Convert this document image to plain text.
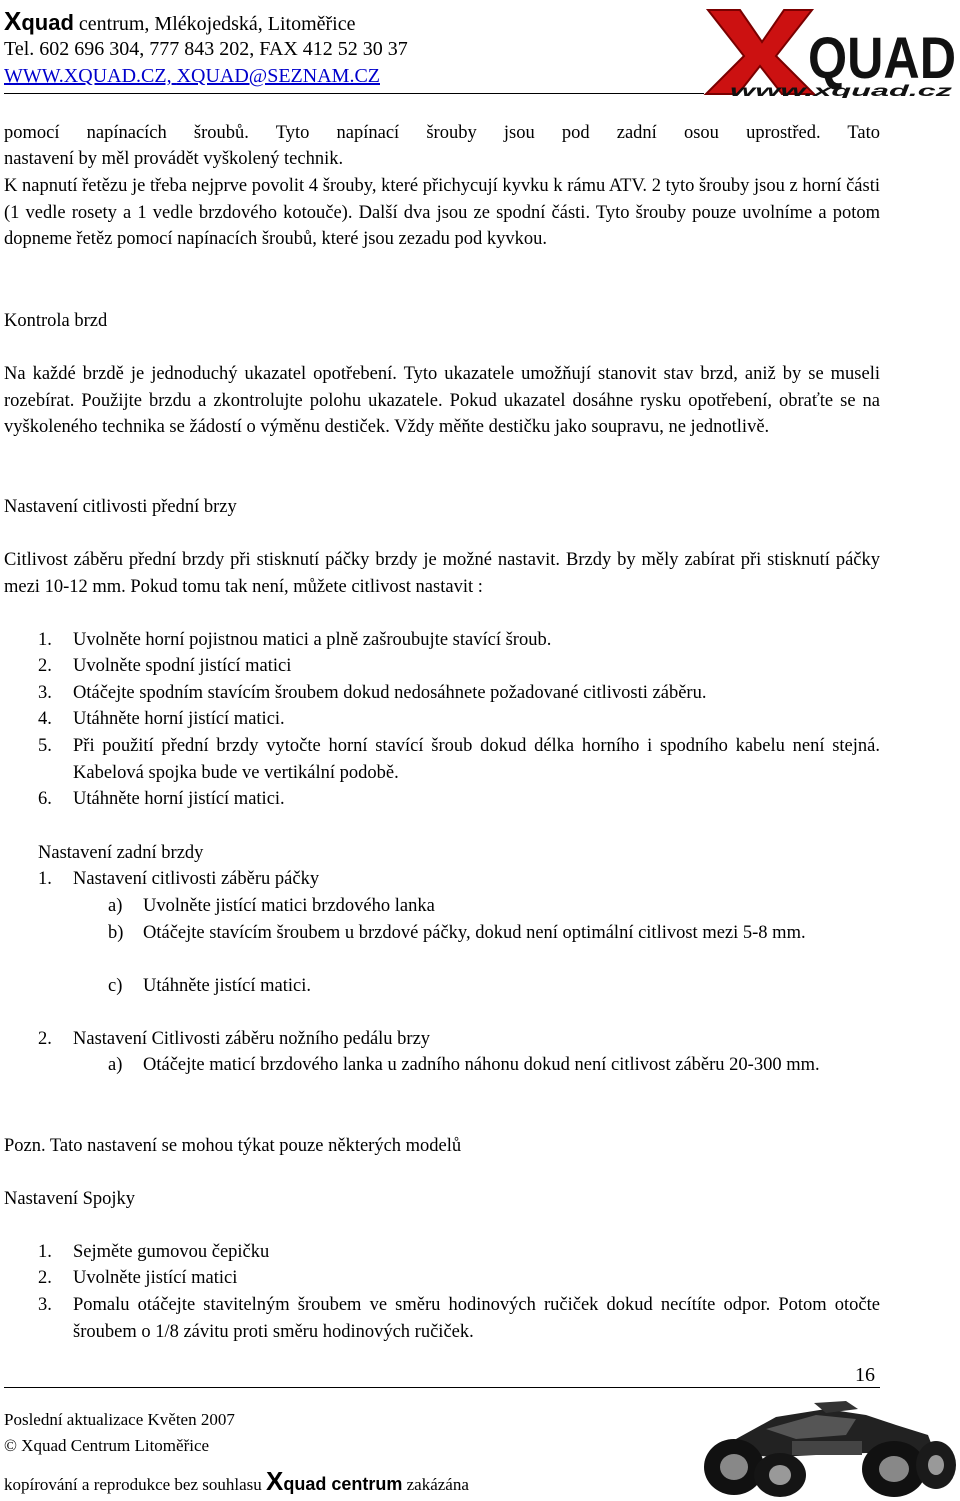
Xquad centrum, Mlékojedská, Litoměřice
Tel. 602 696 304, 777 843 202, FAX 412 52 30 37
WWW.XQUAD.CZ, XQUAD@SEZNAM.CZ	QUAD
www.xquad.cz
pomocí napínacích šroubů. Tyto napínací šrouby jsou pod zadní osou uprostřed. Tato
nastavení by měl provádět vyškolený technik.
K napnutí řetězu je třeba nejprve povolit 4 šrouby, které přichycují kyvku k rámu ATV. 2 tyto šrouby jsou z horní části (1 vedle rosety a 1 vedle brzdového kotouče). Další dva jsou ze spodní části. Tyto šrouby pouze uvolníme a potom dopneme řetěz pomocí napínacích šroubů, které jsou zezadu pod kyvkou.
Kontrola brzd
Na každé brzdě je jednoduchý ukazatel opotřebení. Tyto ukazatele umožňují stanovit stav brzd, aniž by se museli rozebírat. Použijte brzdu a zkontrolujte polohu ukazatele. Pokud ukazatel dosáhne rysku opotřebení, obraťte se na vyškoleného technika se žádostí o výměnu destiček. Vždy měňte destičku jako soupravu, ne jednotlivě.
Nastavení citlivosti přední brzy
Citlivost záběru přední brzdy při stisknutí páčky brzdy je možné nastavit. Brzdy by měly zabírat při stisknutí páčky mezi 10-12 mm. Pokud tomu tak není, můžete citlivost nastavit :
1. Uvolněte horní pojistnou matici a plně zašroubujte stavící šroub.
2. Uvolněte spodní jistící matici
3. Otáčejte spodním stavícím šroubem dokud nedosáhnete požadované citlivosti záběru.
4. Utáhněte horní jistící matici.
5. Při použití přední brzdy vytočte horní stavící šroub dokud délka horního i spodního kabelu není stejná. Kabelová spojka bude ve vertikální podobě.
6. Utáhněte horní jistící matici.
Nastavení zadní brzdy
1. Nastavení citlivosti záběru páčky
a) Uvolněte jistící matici brzdového lanka
b) Otáčejte stavícím šroubem u brzdové páčky, dokud není optimální citlivost mezi 5-8 mm.
c) Utáhněte jistící matici.
2. Nastavení Citlivosti záběru nožního pedálu brzy
a) Otáčejte maticí brzdového lanka u zadního náhonu dokud není citlivost záběru 20-300 mm.
Pozn. Tato nastavení se mohou týkat pouze některých modelů
Nastavení Spojky
1. Sejměte gumovou čepičku
2. Uvolněte jistící matici
3. Pomalu otáčejte stavitelným šroubem ve směru hodinových ručiček dokud necítíte odpor. Potom otočte šroubem o 1/8 závitu proti směru hodinových ručiček.
16
Poslední aktualizace Květen 2007
© Xquad Centrum Litoměřice
kopírování a reprodukce bez souhlasu Xquad centrum zakázána
